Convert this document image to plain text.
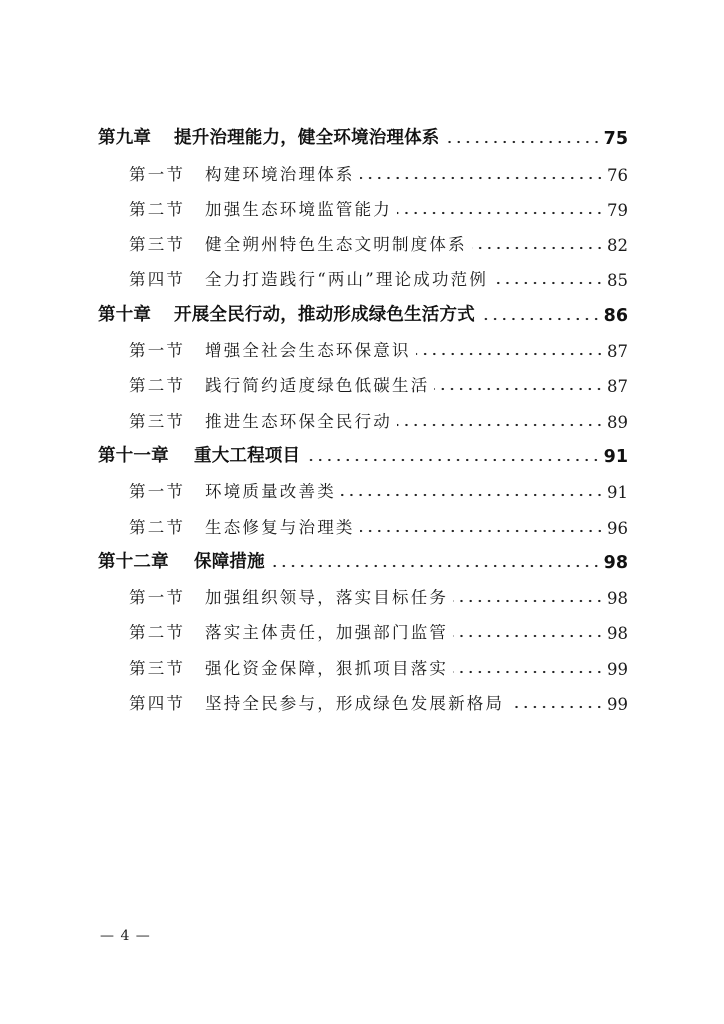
第九章	提升治理能力，健全环境治理体系	75
第一节	构建环境治理体系	76
第二节	加强生态环境监管能力	79
第三节	健全朔州特色生态文明制度体系	82
第四节	全力打造践行“两山”理论成功范例	85
第十章	开展全民行动，推动形成绿色生活方式	86
第一节	增强全社会生态环保意识	87
第二节	践行简约适度绿色低碳生活	87
第三节	推进生态环保全民行动	89
第十一章	重大工程项目	91
第一节	环境质量改善类	91
第二节	生态修复与治理类	96
第十二章	保障措施	98
第一节	加强组织领导，落实目标任务	98
第二节	落实主体责任，加强部门监管	98
第三节	强化资金保障，狠抓项目落实	99
第四节	坚持全民参与，形成绿色发展新格局	99
— 4 —
